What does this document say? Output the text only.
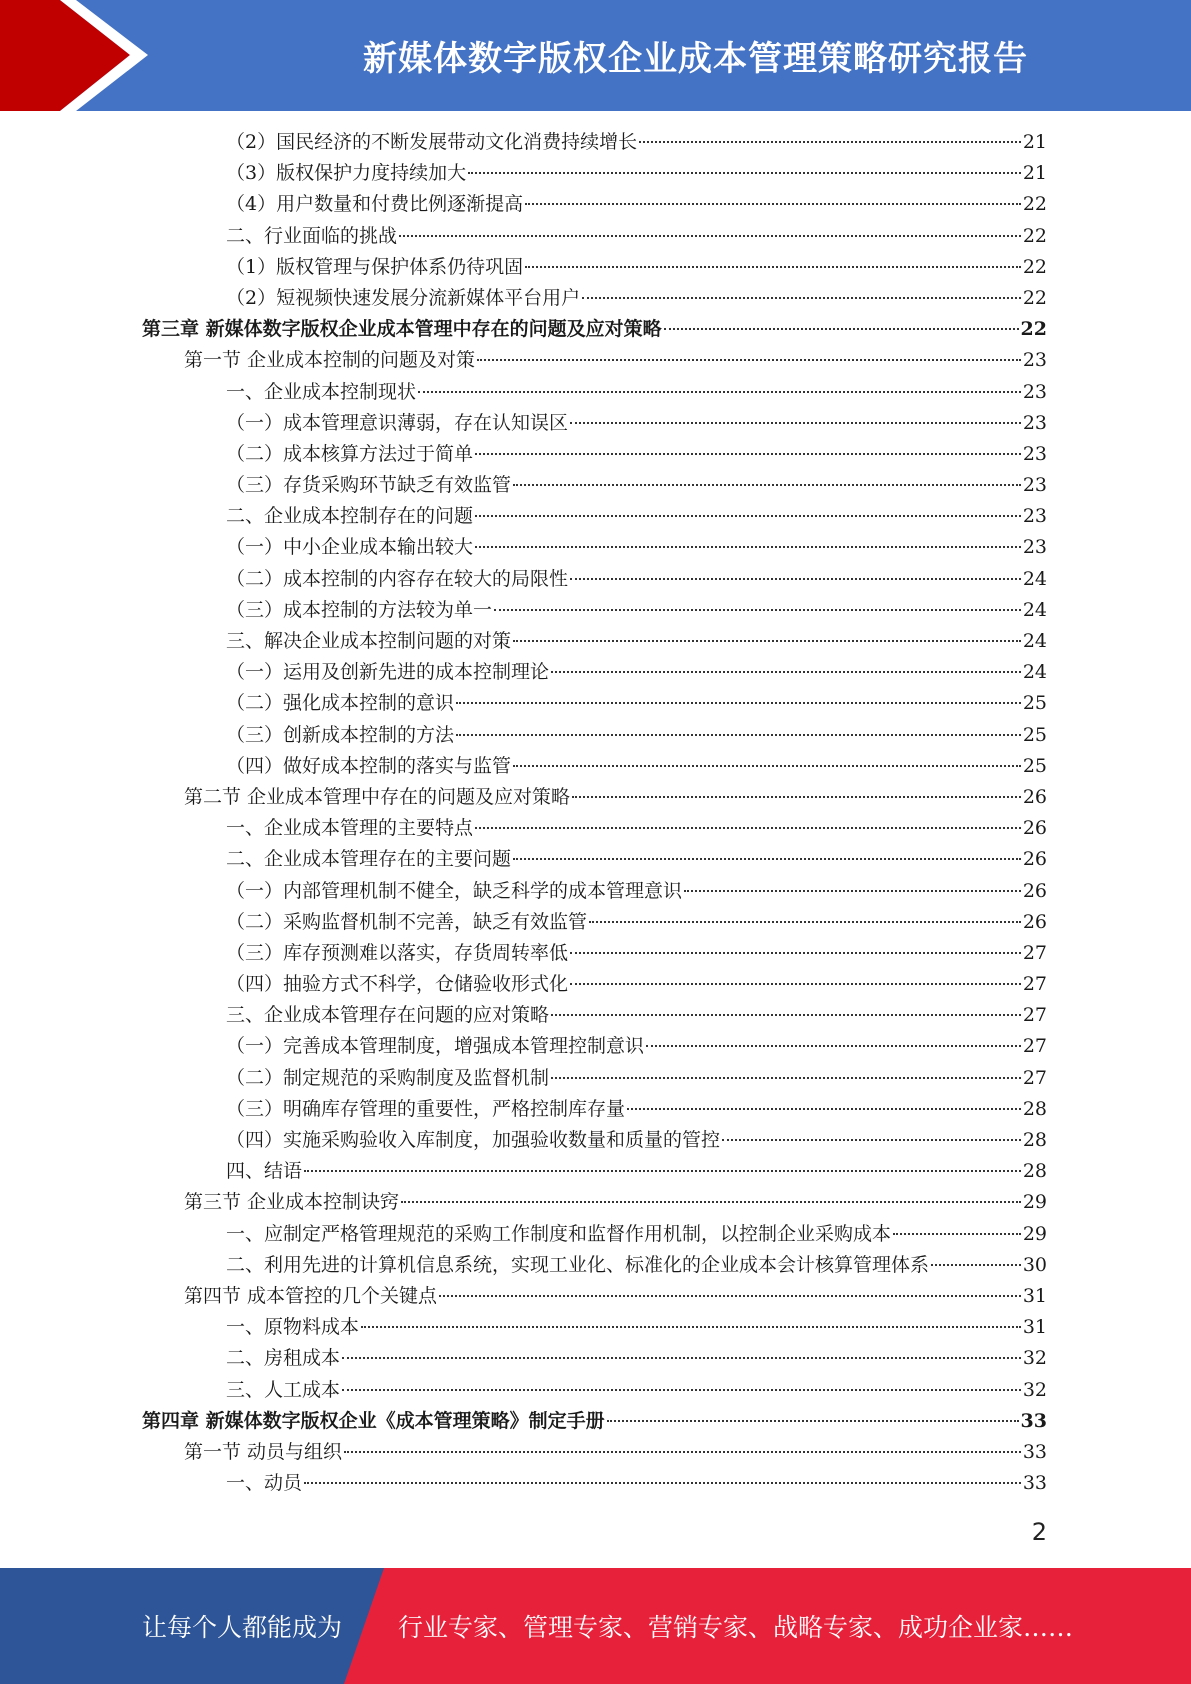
新媒体数字版权企业成本管理策略研究报告
（2）国民经济的不断发展带动文化消费持续增长	21
（3）版权保护力度持续加大	21
（4）用户数量和付费比例逐渐提高	22
二、行业面临的挑战	22
（1）版权管理与保护体系仍待巩固	22
（2）短视频快速发展分流新媒体平台用户	22
第三章 新媒体数字版权企业成本管理中存在的问题及应对策略	22
第一节 企业成本控制的问题及对策	23
一、企业成本控制现状	23
（一）成本管理意识薄弱，存在认知误区	23
（二）成本核算方法过于简单	23
（三）存货采购环节缺乏有效监管	23
二、企业成本控制存在的问题	23
（一）中小企业成本输出较大	23
（二）成本控制的内容存在较大的局限性	24
（三）成本控制的方法较为单一	24
三、解决企业成本控制问题的对策	24
（一）运用及创新先进的成本控制理论	24
（二）强化成本控制的意识	25
（三）创新成本控制的方法	25
（四）做好成本控制的落实与监管	25
第二节 企业成本管理中存在的问题及应对策略	26
一、企业成本管理的主要特点	26
二、企业成本管理存在的主要问题	26
（一）内部管理机制不健全，缺乏科学的成本管理意识	26
（二）采购监督机制不完善，缺乏有效监管	26
（三）库存预测难以落实，存货周转率低	27
（四）抽验方式不科学，仓储验收形式化	27
三、企业成本管理存在问题的应对策略	27
（一）完善成本管理制度，增强成本管理控制意识	27
（二）制定规范的采购制度及监督机制	27
（三）明确库存管理的重要性，严格控制库存量	28
（四）实施采购验收入库制度，加强验收数量和质量的管控	28
四、结语	28
第三节 企业成本控制诀窍	29
一、应制定严格管理规范的采购工作制度和监督作用机制，以控制企业采购成本	29
二、利用先进的计算机信息系统，实现工业化、标准化的企业成本会计核算管理体系	30
第四节 成本管控的几个关键点	31
一、原物料成本	31
二、房租成本	32
三、人工成本	32
第四章 新媒体数字版权企业《成本管理策略》制定手册	33
第一节 动员与组织	33
一、动员	33
2
让每个人都能成为 行业专家、管理专家、营销专家、战略专家、成功企业家……
